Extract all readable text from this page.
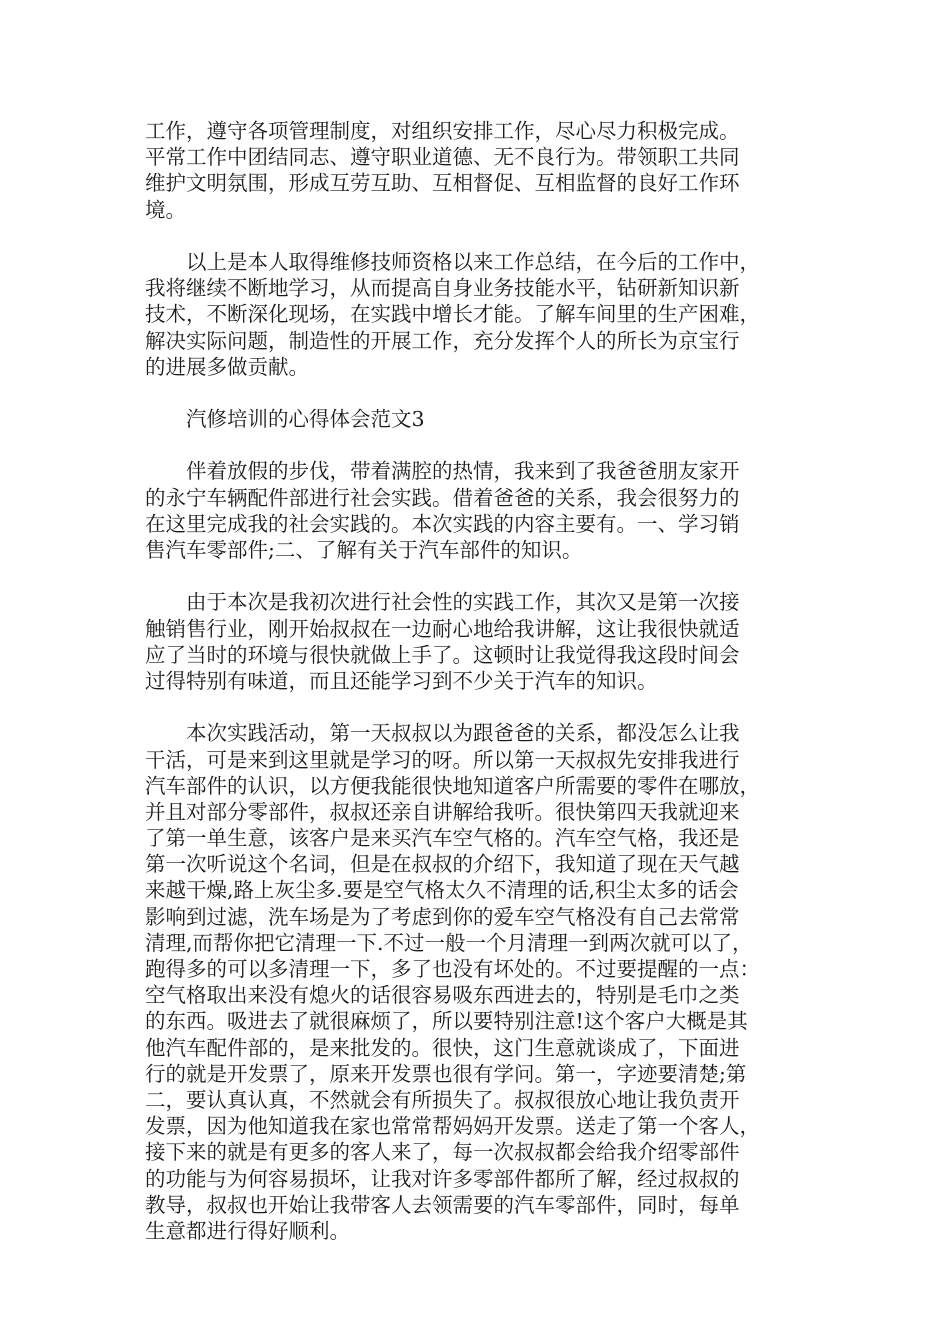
工作，遵守各项管理制度，对组织安排工作，尽心尽力积极完成。
平常工作中团结同志、遵守职业道德、无不良行为。带领职工共同
维护文明氛围，形成互劳互助、互相督促、互相监督的良好工作环
境。
　　以上是本人取得维修技师资格以来工作总结，在今后的工作中，
我将继续不断地学习，从而提高自身业务技能水平，钻研新知识新
技术，不断深化现场，在实践中增长才能。了解车间里的生产困难，
解决实际问题，制造性的开展工作，充分发挥个人的所长为京宝行
的进展多做贡献。
　　汽修培训的心得体会范文3
　　伴着放假的步伐，带着满腔的热情，我来到了我爸爸朋友家开
的永宁车辆配件部进行社会实践。借着爸爸的关系，我会很努力的
在这里完成我的社会实践的。本次实践的内容主要有。一、学习销
售汽车零部件;二、了解有关于汽车部件的知识。
　　由于本次是我初次进行社会性的实践工作，其次又是第一次接
触销售行业，刚开始叔叔在一边耐心地给我讲解，这让我很快就适
应了当时的环境与很快就做上手了。这顿时让我觉得我这段时间会
过得特别有味道，而且还能学习到不少关于汽车的知识。
　　本次实践活动，第一天叔叔以为跟爸爸的关系，都没怎么让我
干活，可是来到这里就是学习的呀。所以第一天叔叔先安排我进行
汽车部件的认识，以方便我能很快地知道客户所需要的零件在哪放，
并且对部分零部件，叔叔还亲自讲解给我听。很快第四天我就迎来
了第一单生意，该客户是来买汽车空气格的。汽车空气格，我还是
第一次听说这个名词，但是在叔叔的介绍下，我知道了现在天气越
来越干燥,路上灰尘多.要是空气格太久不清理的话,积尘太多的话会
影响到过滤，洗车场是为了考虑到你的爱车空气格没有自己去常常
清理,而帮你把它清理一下.不过一般一个月清理一到两次就可以了，
跑得多的可以多清理一下，多了也没有坏处的。不过要提醒的一点：
空气格取出来没有熄火的话很容易吸东西进去的，特别是毛巾之类
的东西。吸进去了就很麻烦了，所以要特别注意!这个客户大概是其
他汽车配件部的，是来批发的。很快，这门生意就谈成了，下面进
行的就是开发票了，原来开发票也很有学问。第一，字迹要清楚;第
二，要认真认真，不然就会有所损失了。叔叔很放心地让我负责开
发票，因为他知道我在家也常常帮妈妈开发票。送走了第一个客人，
接下来的就是有更多的客人来了，每一次叔叔都会给我介绍零部件
的功能与为何容易损坏，让我对许多零部件都所了解，经过叔叔的
教导，叔叔也开始让我带客人去领需要的汽车零部件，同时，每单
生意都进行得好顺利。
